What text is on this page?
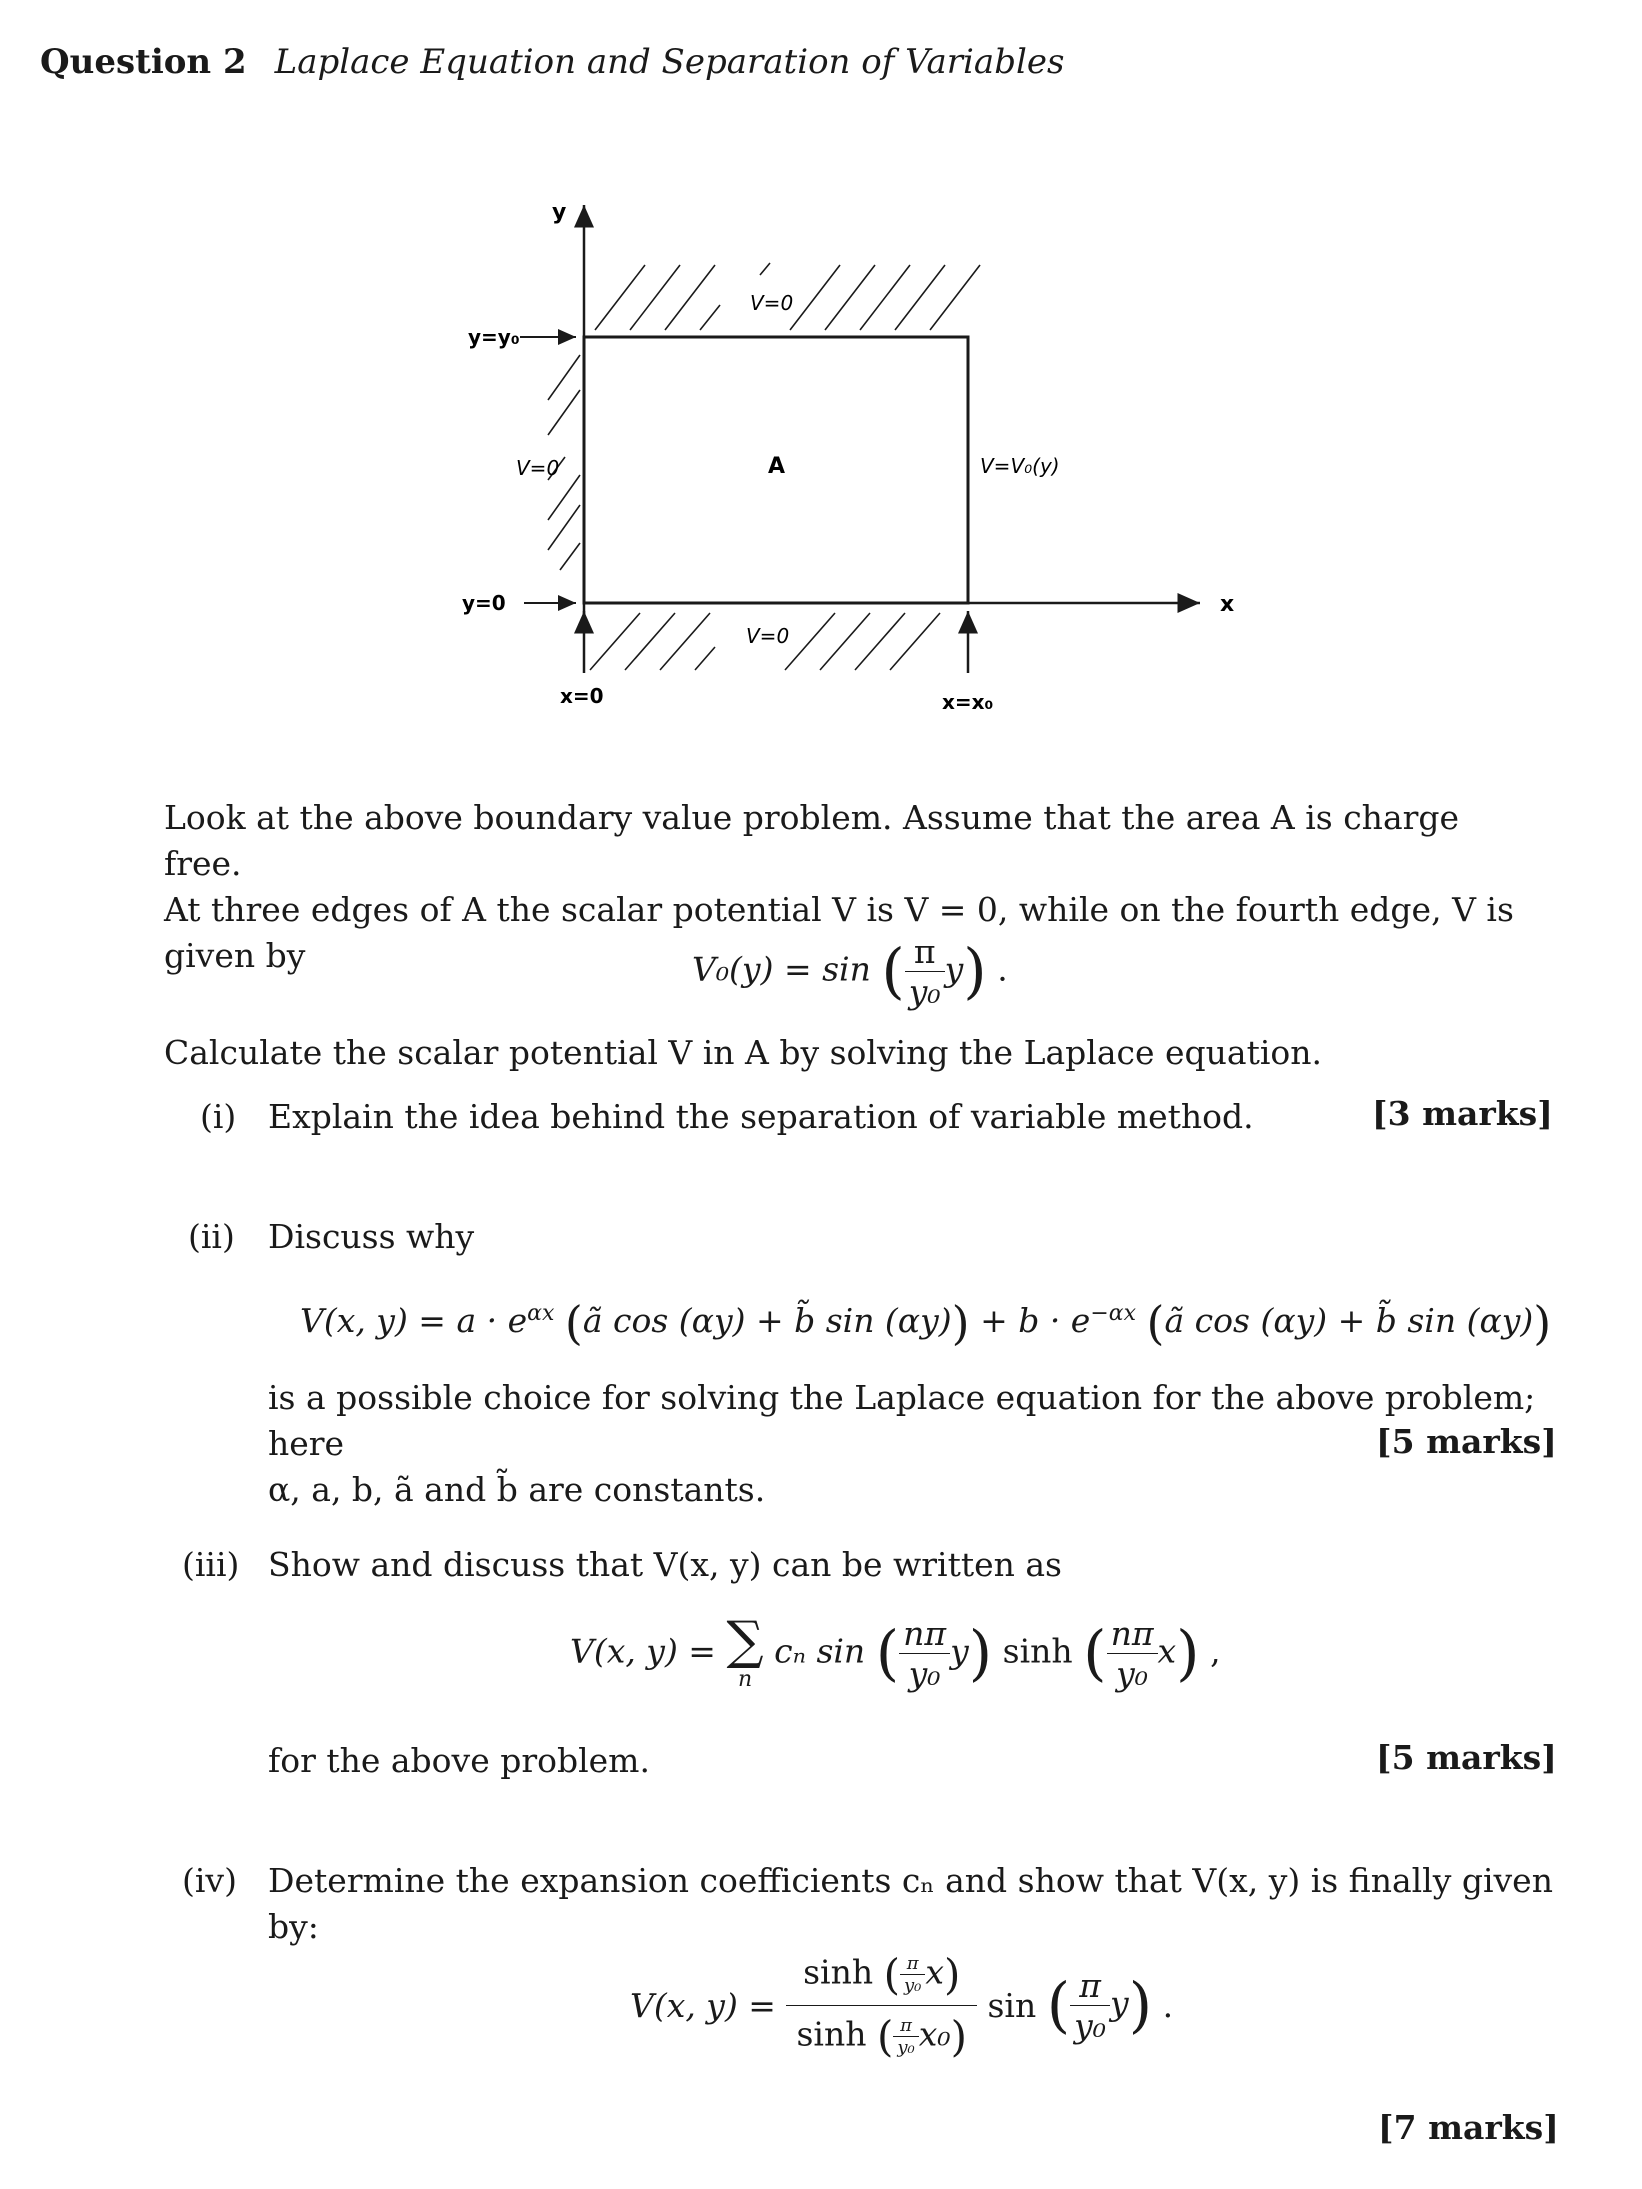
Question 2 Laplace Equation and Separation of Variables
y
x
y=y₀
y=0
x=0	x=x₀
V=0
V=0
V=0
V=V₀(y)
A
Look at the above boundary value problem. Assume that the area A is charge free.
At three edges of A the scalar potential V is V = 0, while on the fourth edge, V is
given by	V₀(y) = sin ( $\frac{\pi}{\text{y₀}} y$) .
Calculate the scalar potential V in A by solving the Laplace equation.
(i) Explain the idea behind the separation of variable method.	[3 marks]
(ii) Discuss why
V(x, $y) = a \cdot e^{\alpha x}$ (ã cos (αy) + b̃ $\sin (\alpha y)) + b \cdot e^{-\alpha x}$ (ã cos (αy) + b̃ sin (αy))
is a possible choice for solving the Laplace equation for the above problem; here
α, a, b, ã and b̃ are constants.
[5 marks]
(iii) Show and discuss that V(x, y) can be written as
V(x, y) = ∑
n
cₙ sin ( $\frac{n\pi}{\text{y₀}} y$) sinh ( $\frac{n\pi}{\text{y₀}} x$) ,
for the above problem.	[5 marks]
(iv) Determine the expansion coefficients cₙ and show that V(x, y) is finally given
by:
V(x, $y) = \frac{\sinh ( \frac{\pi}{\text{y₀}} x)}{\sinh ( \frac{\pi}{\text{y₀}} x_0)}$ sin ( $\frac{\pi}{\text{y₀}} y$) .
[7 marks]
